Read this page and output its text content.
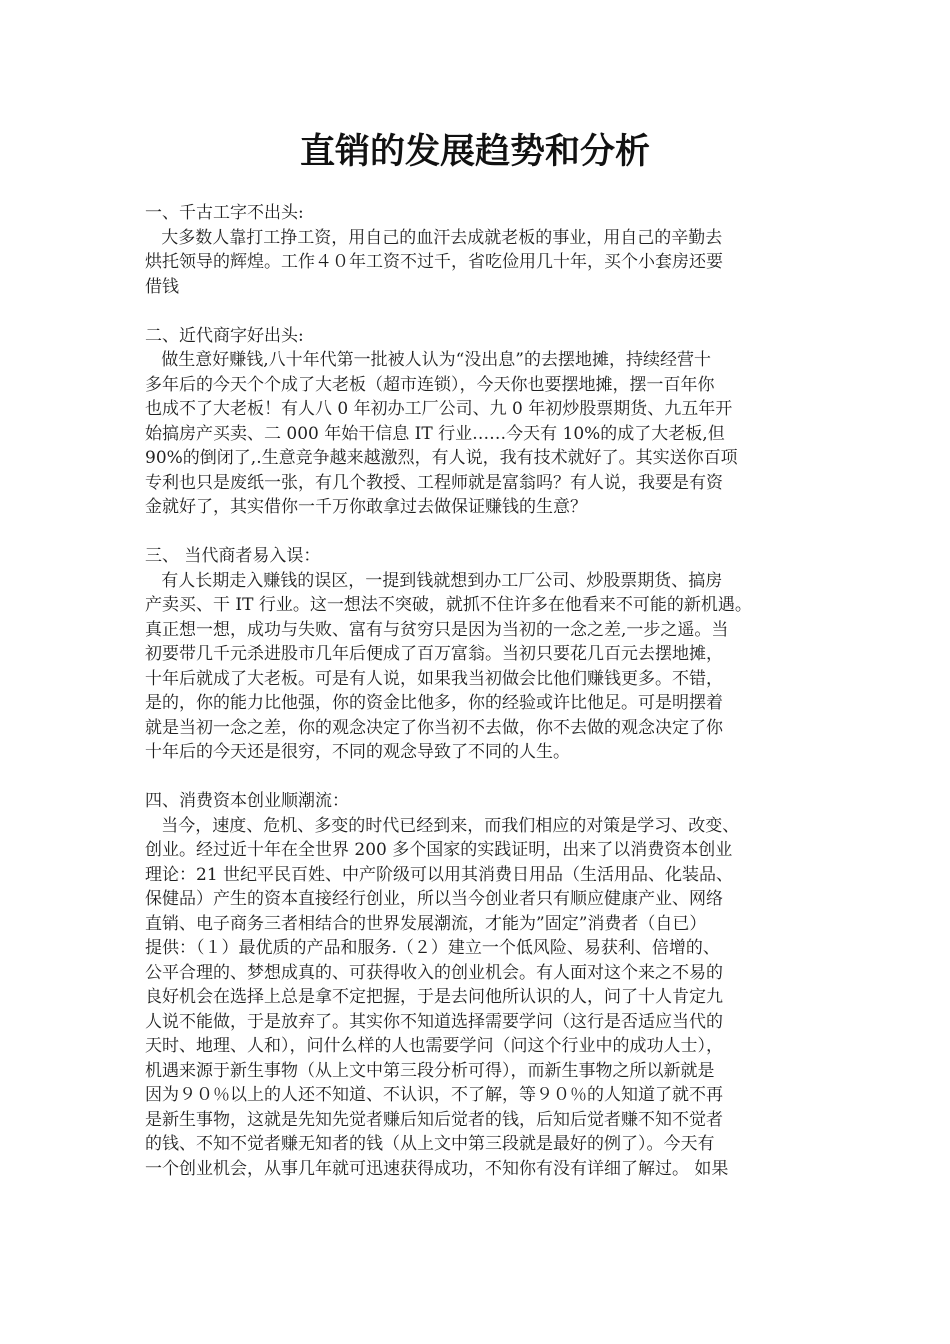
直销的发展趋势和分析
一、千古工字不出头:
大多数人靠打工挣工资，用自己的血汗去成就老板的事业，用自己的辛勤去
烘托领导的辉煌。工作４０年工资不过千，省吃俭用几十年，买个小套房还要
借钱
二、近代商字好出头:
做生意好赚钱,八十年代第一批被人认为“没出息”的去摆地摊，持续经营十
多年后的今天个个成了大老板（超市连锁），今天你也要摆地摊，摆一百年你
也成不了大老板！有人八 0 年初办工厂公司、九 0 年初炒股票期货、九五年开
始搞房产买卖、二 000 年始干信息 IT 行业……今天有 10%的成了大老板,但
90%的倒闭了,.生意竞争越来越激烈，有人说，我有技术就好了。其实送你百项
专利也只是废纸一张，有几个教授、工程师就是富翁吗？有人说，我要是有资
金就好了，其实借你一千万你敢拿过去做保证赚钱的生意？
三、 当代商者易入误：
有人长期走入赚钱的误区，一提到钱就想到办工厂公司、炒股票期货、搞房
产卖买、干 IT 行业。这一想法不突破，就抓不住许多在他看来不可能的新机遇。
真正想一想，成功与失败、富有与贫穷只是因为当初的一念之差,一步之遥。当
初要带几千元杀进股市几年后便成了百万富翁。当初只要花几百元去摆地摊，
十年后就成了大老板。可是有人说，如果我当初做会比他们赚钱更多。不错，
是的，你的能力比他强，你的资金比他多，你的经验或许比他足。可是明摆着
就是当初一念之差，你的观念决定了你当初不去做，你不去做的观念决定了你
十年后的今天还是很穷，不同的观念导致了不同的人生。
四、消费资本创业顺潮流：
当今，速度、危机、多变的时代已经到来，而我们相应的对策是学习、改变、
创业。经过近十年在全世界 200 多个国家的实践证明，出来了以消费资本创业
理论：21 世纪平民百姓、中产阶级可以用其消费日用品（生活用品、化装品、
保健品）产生的资本直接经行创业，所以当今创业者只有顺应健康产业、网络
直销、电子商务三者相结合的世界发展潮流，才能为”固定”消费者（自已）
提供：（１）最优质的产品和服务.（２）建立一个低风险、易获利、倍增的、
公平合理的、梦想成真的、可获得收入的创业机会。有人面对这个来之不易的
良好机会在选择上总是拿不定把握，于是去问他所认识的人，问了十人肯定九
人说不能做，于是放弃了。其实你不知道选择需要学问（这行是否适应当代的
天时、地理、人和），问什么样的人也需要学问（问这个行业中的成功人士），
机遇来源于新生事物（从上文中第三段分析可得），而新生事物之所以新就是
因为９０％以上的人还不知道、不认识，不了解，等９０％的人知道了就不再
是新生事物，这就是先知先觉者赚后知后觉者的钱，后知后觉者赚不知不觉者
的钱、不知不觉者赚无知者的钱（从上文中第三段就是最好的例了）。今天有
一个创业机会，从事几年就可迅速获得成功，不知你有没有详细了解过。 如果
